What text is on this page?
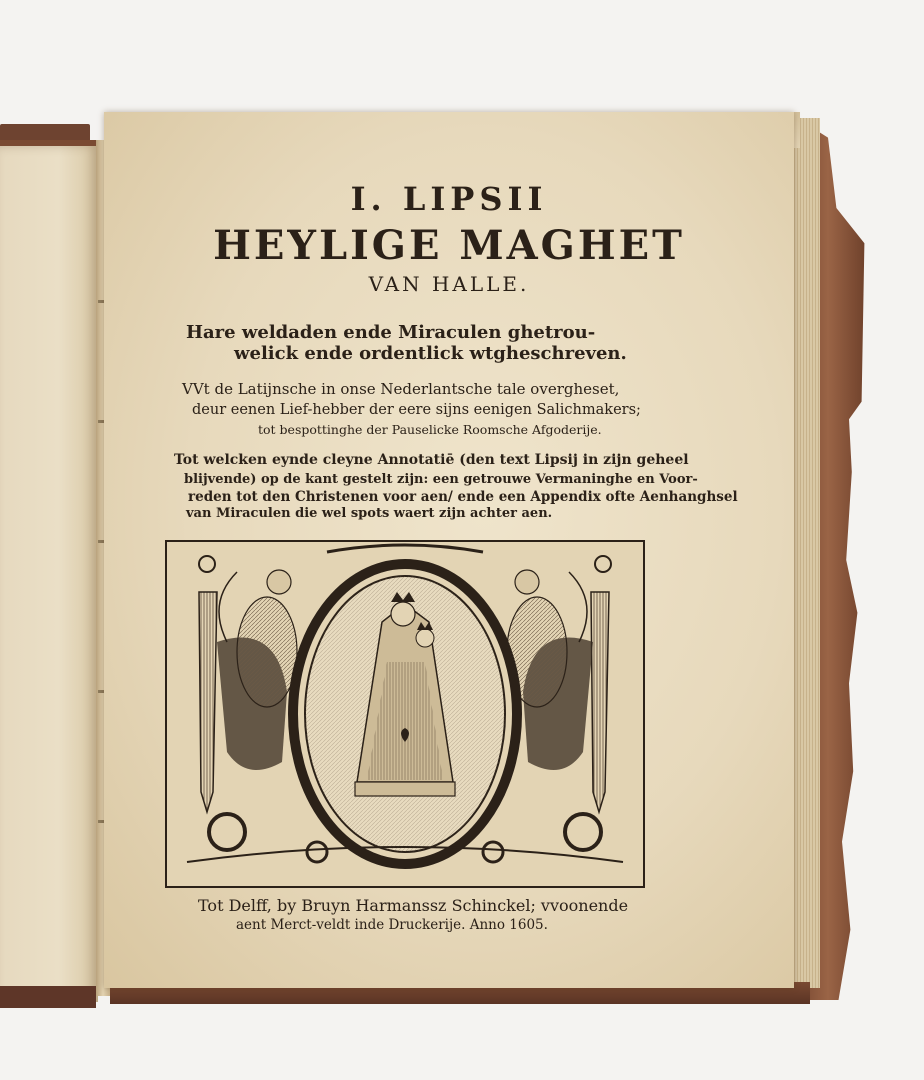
I. LIPSII
HEYLIGE MAGHET
VAN HALLE.
Hare weldaden ende Miraculen ghetrou-
welick ende ordentlick wtgheschreven.
VVt de Latijnsche in onse Nederlantsche tale overgheset,
deur eenen Lief-hebber der eere sijns eenigen Salichmakers;
tot bespottinghe der Pauselicke Roomsche Afgoderije.
Tot welcken eynde cleyne Annotatiē (den text Lipsij in zijn geheel
blijvende) op de kant gestelt zijn: een getrouwe Vermaninghe en Voor-
reden tot den Christenen voor aen/ ende een Appendix ofte Aenhanghsel
van Miraculen die wel spots waert zijn achter aen.
Tot Delff, by Bruyn Harmanssz Schinckel; vvoonende
aent Merct-veldt inde Druckerije. Anno 1605.
